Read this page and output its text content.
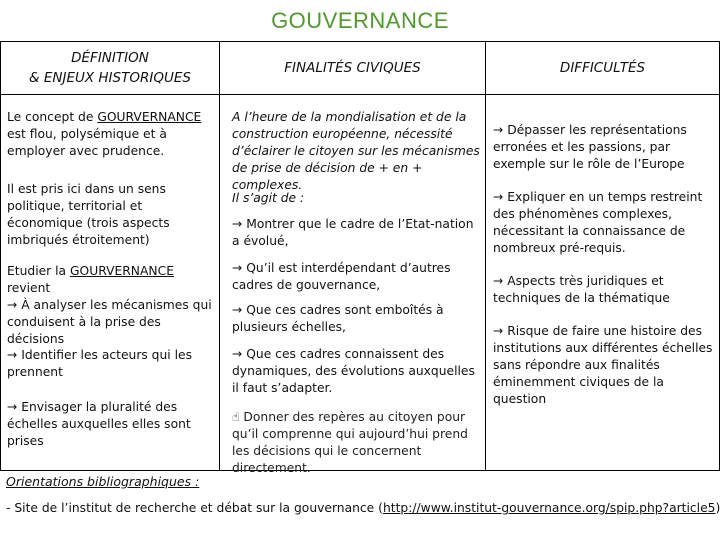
GOUVERNANCE
DÉFINITION
& ENJEUX HISTORIQUES
FINALITÉS CIVIQUES	DIFFICULTÉS
Le concept de GOURVERNANCE est flou, polysémique et à employer avec prudence.
Il est pris ici dans un sens politique, territorial et économique (trois aspects imbriqués étroitement)
Etudier la GOURVERNANCE revient
→ À analyser les mécanismes qui conduisent à la prise des décisions
→ Identifier les acteurs qui les prennent
→ Envisager la pluralité des échelles auxquelles elles sont prises
A l’heure de la mondialisation et de la construction européenne, nécessité d’éclairer le citoyen sur les mécanismes de prise de décision de + en + complexes.
Il s’agit de :
→ Montrer que le cadre de l’Etat-nation a évolué,
→ Qu’il est interdépendant d’autres cadres de gouvernance,
→ Que ces cadres sont emboîtés à plusieurs échelles,
→ Que ces cadres connaissent des dynamiques, des évolutions auxquelles il faut s’adapter.
☝ Donner des repères au citoyen pour qu’il comprenne qui aujourd’hui prend les décisions qui le concernent directement.
→ Dépasser les représentations erronées et les passions, par exemple sur le rôle de l’Europe
→ Expliquer en un temps restreint des phénomènes complexes, nécessitant la connaissance de nombreux pré-requis.
→ Aspects très juridiques et techniques de la thématique
→ Risque de faire une histoire des institutions aux différentes échelles sans répondre aux finalités éminemment civiques de la question
Orientations bibliographiques :
- Site de l’institut de recherche et débat sur la gouvernance (http://www.institut-gouvernance.org/spip.php?article5)
